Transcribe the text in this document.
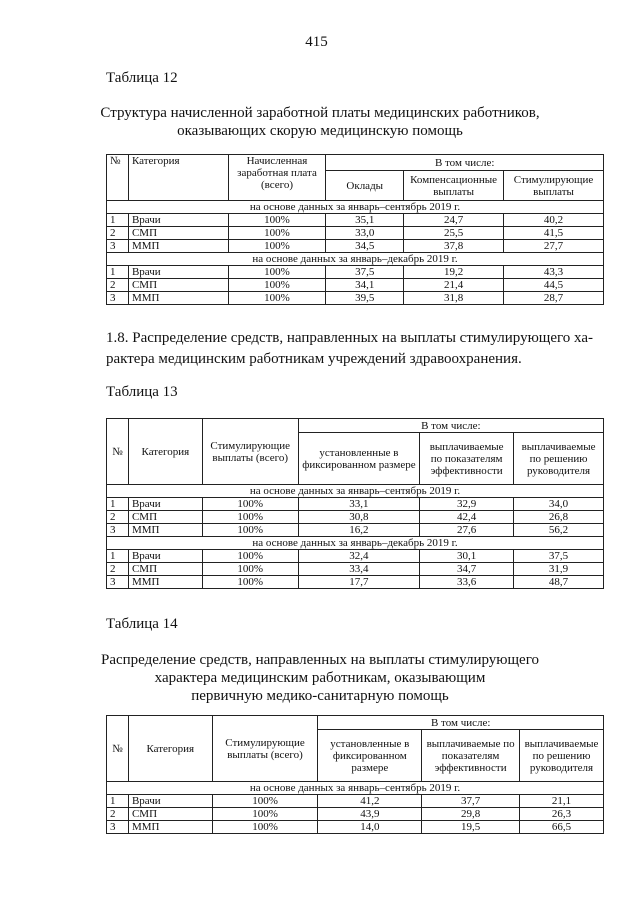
415
Таблица 12
Структура начисленной заработной платы медицинских работников,
оказывающих скорую медицинскую помощь
№	Категория	Начисленная заработная плата (всего)	В том числе:		
			Оклады	Компенсационные выплаты	Стимулирующие выплаты
на основе данных за январь–сентябрь 2019 г.					
1	Врачи	100%	35,1	24,7	40,2
2	СМП	100%	33,0	25,5	41,5
3	ММП	100%	34,5	37,8	27,7
на основе данных за январь–декабрь 2019 г.					
1	Врачи	100%	37,5	19,2	43,3
2	СМП	100%	34,1	21,4	44,5
3	ММП	100%	39,5	31,8	28,7
1.8. Распределение средств, направленных на выплаты стимулирующего ха-
рактера медицинским работникам учреждений здравоохранения.
Таблица 13
№	Категория	Стимулирующие выплаты (всего)	В том числе:		
			установленные в фиксированном размере	выплачиваемые по показателям эффективности	выплачиваемые по решению руководителя
на основе данных за январь–сентябрь 2019 г.					
1	Врачи	100%	33,1	32,9	34,0
2	СМП	100%	30,8	42,4	26,8
3	ММП	100%	16,2	27,6	56,2
на основе данных за январь–декабрь 2019 г.					
1	Врачи	100%	32,4	30,1	37,5
2	СМП	100%	33,4	34,7	31,9
3	ММП	100%	17,7	33,6	48,7
Таблица 14
Распределение средств, направленных на выплаты стимулирующего
характера медицинским работникам, оказывающим
первичную медико-санитарную помощь
№	Категория	Стимулирующие выплаты (всего)	В том числе:		
			установленные в фиксированном размере	выплачиваемые по показателям эффективности	выплачиваемые по решению руководителя
на основе данных за январь–сентябрь 2019 г.					
1	Врачи	100%	41,2	37,7	21,1
2	СМП	100%	43,9	29,8	26,3
3	ММП	100%	14,0	19,5	66,5
